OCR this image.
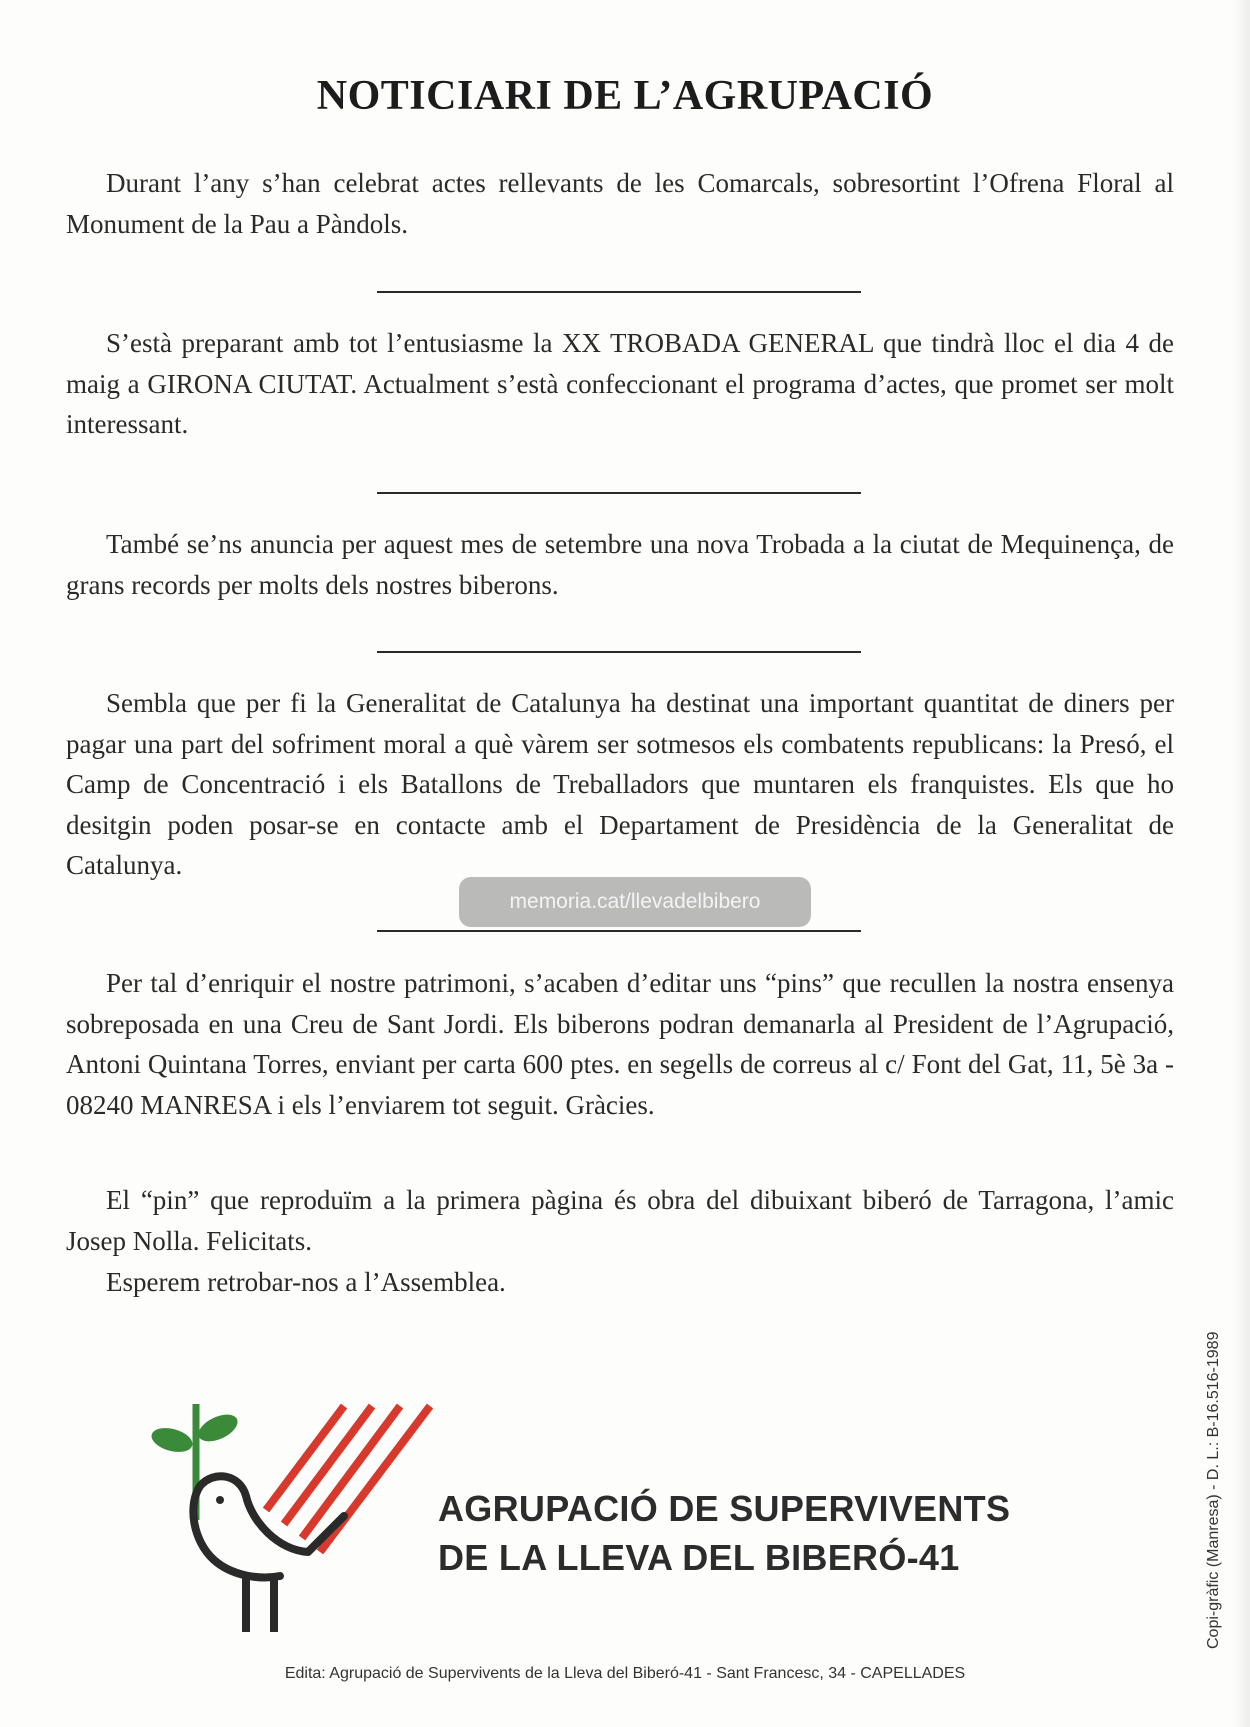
NOTICIARI DE L’AGRUPACIÓ

Durant l’any s’han celebrat actes rellevants de les Comarcals, sobresortint l’Ofrena Floral al Monument de la Pau a Pàndols.

S’està preparant amb tot l’entusiasme la XX TROBADA GENERAL que tindrà lloc el dia 4 de maig a GIRONA CIUTAT. Actualment s’està confeccionant el programa d’actes, que promet ser molt interessant.

També se’ns anuncia per aquest mes de setembre una nova Trobada a la ciutat de Mequinença, de grans records per molts dels nostres biberons.

Sembla que per fi la Generalitat de Catalunya ha destinat una important quantitat de diners per pagar una part del sofriment moral a què vàrem ser sotmesos els combatents republicans: la Presó, el Camp de Concentració i els Batallons de Treballadors que muntaren els franquistes. Els que ho desitgin poden posar-se en contacte amb el Departament de Presidència de la Generalitat de Catalunya.

memoria.cat/llevadelbibero

Per tal d’enriquir el nostre patrimoni, s’acaben d’editar uns “pins” que recullen la nostra ensenya sobreposada en una Creu de Sant Jordi. Els biberons podran demanarla al President de l’Agrupació, Antoni Quintana Torres, enviant per carta 600 ptes. en segells de correus al c/ Font del Gat, 11, 5è 3a - 08240 MANRESA i els l’enviarem tot seguit. Gràcies.

El “pin” que reproduïm a la primera pàgina és obra del dibuixant biberó de Tarragona, l’amic Josep Nolla. Felicitats.

Esperem retrobar-nos a l’Assemblea.

AGRUPACIÓ DE SUPERVIVENTS
DE LA LLEVA DEL BIBERÓ-41
Edita: Agrupació de Supervivents de la Lleva del Biberó-41 - Sant Francesc, 34 - CAPELLADES
Copi-gràfic (Manresa) - D. L.: B-16.516-1989
